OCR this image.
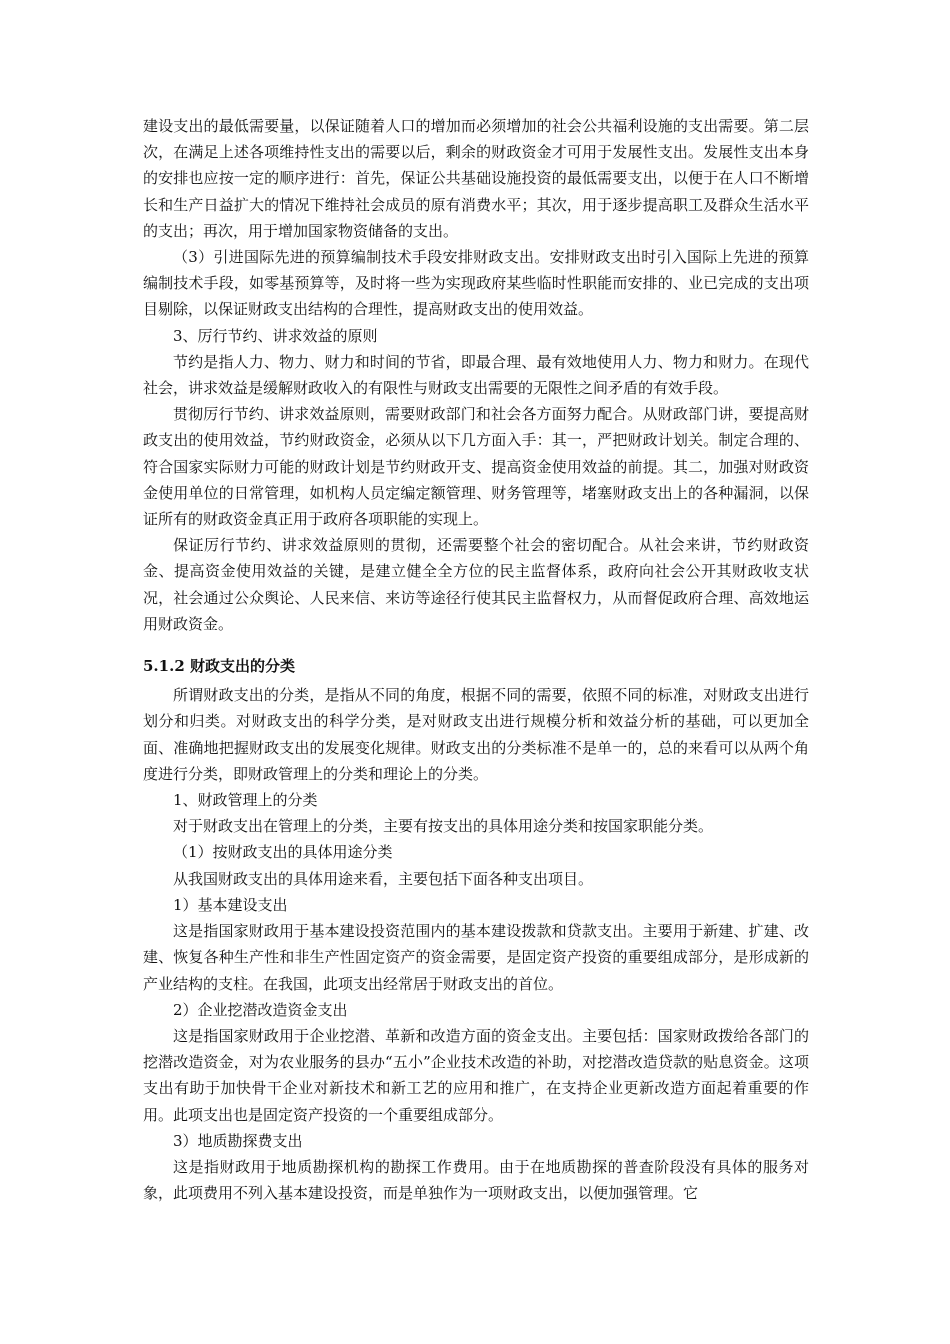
建设支出的最低需要量，以保证随着人口的增加而必须增加的社会公共福利设施的支出需要。第二层次，在满足上述各项维持性支出的需要以后，剩余的财政资金才可用于发展性支出。发展性支出本身的安排也应按一定的顺序进行：首先，保证公共基础设施投资的最低需要支出，以便于在人口不断增长和生产日益扩大的情况下维持社会成员的原有消费水平；其次，用于逐步提高职工及群众生活水平的支出；再次，用于增加国家物资储备的支出。

（3）引进国际先进的预算编制技术手段安排财政支出。安排财政支出时引入国际上先进的预算编制技术手段，如零基预算等，及时将一些为实现政府某些临时性职能而安排的、业已完成的支出项目剔除，以保证财政支出结构的合理性，提高财政支出的使用效益。

3、厉行节约、讲求效益的原则

节约是指人力、物力、财力和时间的节省，即最合理、最有效地使用人力、物力和财力。在现代社会，讲求效益是缓解财政收入的有限性与财政支出需要的无限性之间矛盾的有效手段。

贯彻厉行节约、讲求效益原则，需要财政部门和社会各方面努力配合。从财政部门讲，要提高财政支出的使用效益，节约财政资金，必须从以下几方面入手：其一，严把财政计划关。制定合理的、符合国家实际财力可能的财政计划是节约财政开支、提高资金使用效益的前提。其二，加强对财政资金使用单位的日常管理，如机构人员定编定额管理、财务管理等，堵塞财政支出上的各种漏洞，以保证所有的财政资金真正用于政府各项职能的实现上。

保证厉行节约、讲求效益原则的贯彻，还需要整个社会的密切配合。从社会来讲，节约财政资金、提高资金使用效益的关键，是建立健全全方位的民主监督体系，政府向社会公开其财政收支状况，社会通过公众舆论、人民来信、来访等途径行使其民主监督权力，从而督促政府合理、高效地运用财政资金。

5.1.2 财政支出的分类

所谓财政支出的分类，是指从不同的角度，根据不同的需要，依照不同的标准，对财政支出进行划分和归类。对财政支出的科学分类，是对财政支出进行规模分析和效益分析的基础，可以更加全面、准确地把握财政支出的发展变化规律。财政支出的分类标准不是单一的，总的来看可以从两个角度进行分类，即财政管理上的分类和理论上的分类。

1、财政管理上的分类

对于财政支出在管理上的分类，主要有按支出的具体用途分类和按国家职能分类。

（1）按财政支出的具体用途分类

从我国财政支出的具体用途来看，主要包括下面各种支出项目。

1）基本建设支出

这是指国家财政用于基本建设投资范围内的基本建设拨款和贷款支出。主要用于新建、扩建、改建、恢复各种生产性和非生产性固定资产的资金需要，是固定资产投资的重要组成部分，是形成新的产业结构的支柱。在我国，此项支出经常居于财政支出的首位。

2）企业挖潜改造资金支出

这是指国家财政用于企业挖潜、革新和改造方面的资金支出。主要包括：国家财政拨给各部门的挖潜改造资金，对为农业服务的县办“五小”企业技术改造的补助，对挖潜改造贷款的贴息资金。这项支出有助于加快骨干企业对新技术和新工艺的应用和推广，在支持企业更新改造方面起着重要的作用。此项支出也是固定资产投资的一个重要组成部分。

3）地质勘探费支出

这是指财政用于地质勘探机构的勘探工作费用。由于在地质勘探的普查阶段没有具体的服务对象，此项费用不列入基本建设投资，而是单独作为一项财政支出，以便加强管理。它
